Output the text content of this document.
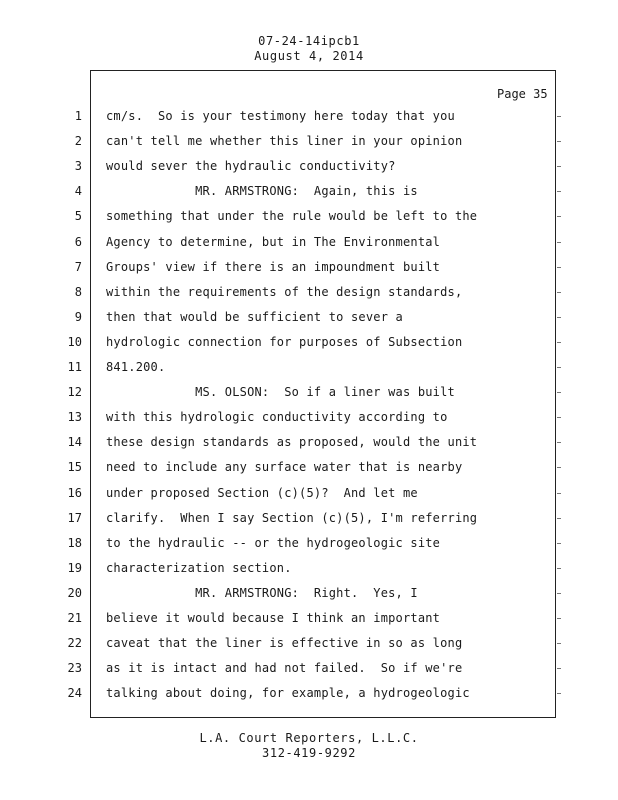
07-24-14ipcb1
August 4, 2014
Page 35
1 cm/s.  So is your testimony here today that you
2 can't tell me whether this liner in your opinion
3 would sever the hydraulic conductivity?
4 MR. ARMSTRONG:  Again, this is
5 something that under the rule would be left to the
6 Agency to determine, but in The Environmental
7 Groups' view if there is an impoundment built
8 within the requirements of the design standards,
9 then that would be sufficient to sever a
10 hydrologic connection for purposes of Subsection
11 841.200.
12 MS. OLSON:  So if a liner was built
13 with this hydrologic conductivity according to
14 these design standards as proposed, would the unit
15 need to include any surface water that is nearby
16 under proposed Section (c)(5)?  And let me
17 clarify.  When I say Section (c)(5), I'm referring
18 to the hydraulic -- or the hydrogeologic site
19 characterization section.
20 MR. ARMSTRONG:  Right.  Yes, I
21 believe it would because I think an important
22 caveat that the liner is effective in so as long
23 as it is intact and had not failed.  So if we're
24 talking about doing, for example, a hydrogeologic
L.A. Court Reporters, L.L.C.
312-419-9292
